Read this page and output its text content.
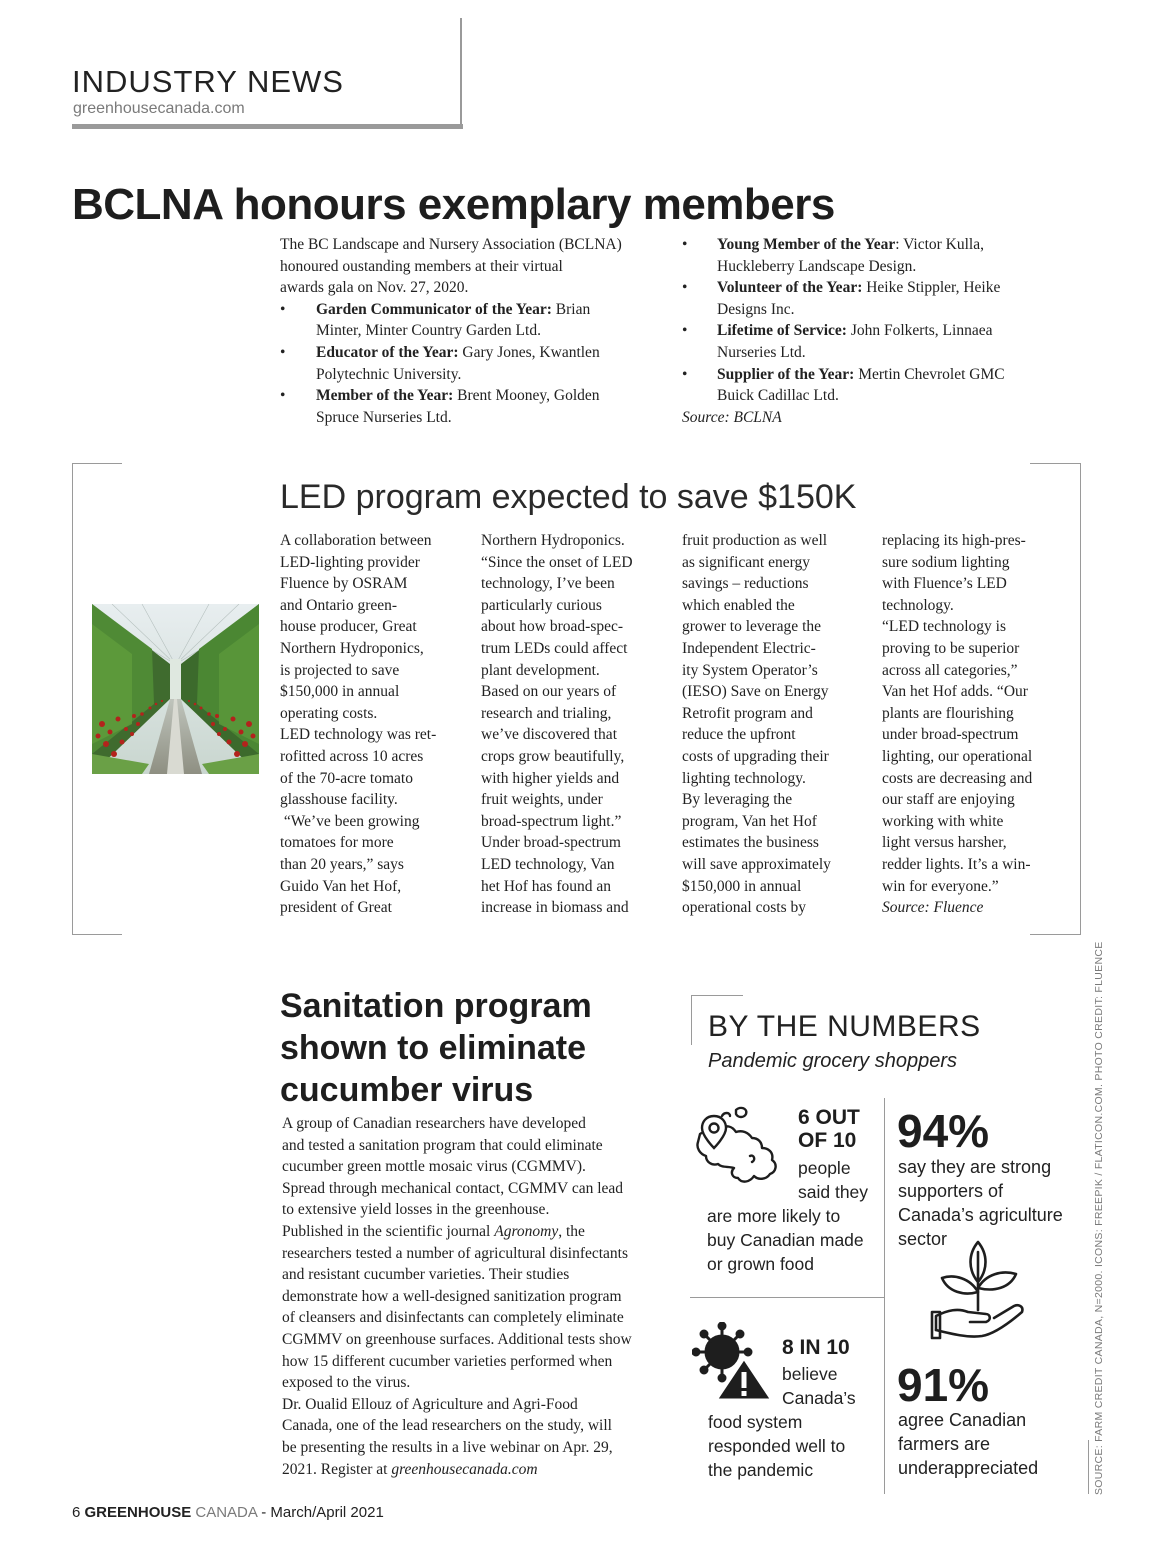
INDUSTRY NEWS
greenhousecanada.com
BCLNA honours exemplary members
The BC Landscape and Nursery Association (BCLNA)
honoured oustanding members at their virtual
awards gala on Nov. 27, 2020.
• Garden Communicator of the Year: Brian
Minter, Minter Country Garden Ltd.
• Educator of the Year: Gary Jones, Kwantlen
Polytechnic University.
• Member of the Year: Brent Mooney, Golden
Spruce Nurseries Ltd.
• Young Member of the Year: Victor Kulla,
Huckleberry Landscape Design.
• Volunteer of the Year: Heike Stippler, Heike
Designs Inc.
• Lifetime of Service: John Folkerts, Linnaea
Nurseries Ltd.
• Supplier of the Year: Mertin Chevrolet GMC
Buick Cadillac Ltd.
Source: BCLNA
LED program expected to save $150K
A collaboration between
LED-lighting provider
Fluence by OSRAM
and Ontario green-
house producer, Great
Northern Hydroponics,
is projected to save
$150,000 in annual
operating costs.
LED technology was ret-
rofitted across 10 acres
of the 70-acre tomato
glasshouse facility.
“We’ve been growing
tomatoes for more
than 20 years,” says
Guido Van het Hof,
president of Great
Northern Hydroponics.
“Since the onset of LED
technology, I’ve been
particularly curious
about how broad-spec-
trum LEDs could affect
plant development.
Based on our years of
research and trialing,
we’ve discovered that
crops grow beautifully,
with higher yields and
fruit weights, under
broad-spectrum light.”
Under broad-spectrum
LED technology, Van
het Hof has found an
increase in biomass and
fruit production as well
as significant energy
savings – reductions
which enabled the
grower to leverage the
Independent Electric-
ity System Operator’s
(IESO) Save on Energy
Retrofit program and
reduce the upfront
costs of upgrading their
lighting technology.
By leveraging the
program, Van het Hof
estimates the business
will save approximately
$150,000 in annual
operational costs by
replacing its high-pres-
sure sodium lighting
with Fluence’s LED
technology.
“LED technology is
proving to be superior
across all categories,”
Van het Hof adds. “Our
plants are flourishing
under broad-spectrum
lighting, our operational
costs are decreasing and
our staff are enjoying
working with white
light versus harsher,
redder lights. It’s a win-
win for everyone.”
Source: Fluence
Sanitation program shown to eliminate cucumber virus
A group of Canadian researchers have developed
and tested a sanitation program that could eliminate
cucumber green mottle mosaic virus (CGMMV).
Spread through mechanical contact, CGMMV can lead
to extensive yield losses in the greenhouse.
Published in the scientific journal Agronomy, the
researchers tested a number of agricultural disinfectants
and resistant cucumber varieties. Their studies
demonstrate how a well-designed sanitization program
of cleansers and disinfectants can completely eliminate
CGMMV on greenhouse surfaces. Additional tests show
how 15 different cucumber varieties performed when
exposed to the virus.
Dr. Oualid Ellouz of Agriculture and Agri-Food
Canada, one of the lead researchers on the study, will
be presenting the results in a live webinar on Apr. 29,
2021. Register at greenhousecanada.com
BY THE NUMBERS
Pandemic grocery shoppers
6 OUT
OF 10
people
said they
are more likely to
buy Canadian made
or grown food
94%
say they are strong
supporters of
Canada’s agriculture
sector
8 IN 10
believe
Canada’s
food system
responded well to
the pandemic
91%
agree Canadian
farmers are
underappreciated	SOURCE: FARM CREDIT CANADA, N=2000. ICONS: FREEPIK / FLATICON.COM. PHOTO CREDIT: FLUENCE
6 GREENHOUSE CANADA - March/April 2021
